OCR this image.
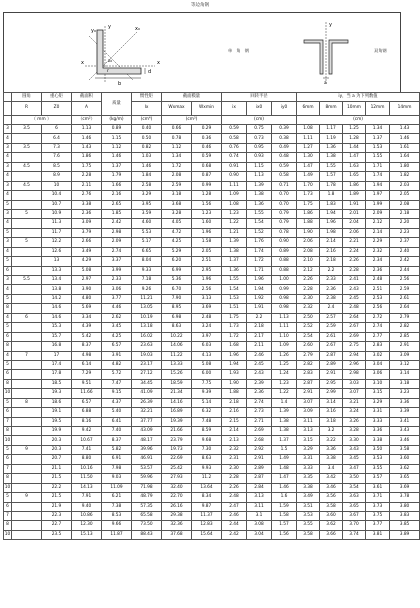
等边角钢
y₀
y
x	x
x₀
z₀
b
d
r
单　角　钢
y
a
双角钢
	圆角	重心矩	截面积	质量	惯性矩	截面模量		回转半径			iy，当 a 为下列数值				
	R	Z0	A		Ix	Wxmax	Wxmin	ix	ix0	iy0	6mm	8mm	10mm	12mm	14mm
	（ mm ）		（cm²）	(kg/m)	(cm⁴)	(cm³)		(cm)			(cm)				
3	3.5	6	1.13	0.89	0.40	0.66	0.29	0.59	0.75	0.39	1.08	1.17	1.25	1.34	1.43
4		6.4	1.46	1.15	0.50	0.78	0.36	0.58	0.73	0.38	1.11	1.19	1.28	1.37	1.46
3	3.5	7.3	1.43	1.12	0.82	1.12	0.46	0.76	0.95	0.49	1.27	1.36	1.44	1.53	1.61
4		7.6	1.86	1.46	1.03	1.34	0.59	0.74	0.93	0.48	1.30	1.38	1.47	1.55	1.64
3	4.5	8.5	1.75	1.37	1.46	1.72	0.68	0.91	1.15	0.59	1.47	1.55	1.63	1.71	1.80
4		8.9	2.28	1.79	1.84	2.08	0.87	0.90	1.13	0.58	1.49	1.57	1.65	1.74	1.82
3	4.5	10	2.11	1.66	2.58	2.59	0.99	1.11	1.39	0.71	1.70	1.78	1.86	1.94	2.03
4		10.4	2.76	2.16	3.29	3.18	1.28	1.09	1.38	0.70	1.73	1.8	1.89	1.97	2.05
5		10.7	3.38	2.65	3.95	3.68	1.56	1.08	1.36	0.70	1.75	1.83	1.91	1.99	2.08
3	5	10.9	2.36	1.85	3.59	3.28	1.23	1.23	1.55	0.79	1.86	1.94	2.01	2.09	2.18
4		11.3	3.09	2.42	4.60	4.05	1.60	1.22	1.54	0.79	1.88	1.96	2.04	2.12	2.20
5		11.7	3.79	2.98	5.53	4.72	1.96	1.21	1.52	0.78	1.90	1.98	2.06	2.14	2.23
3	5	12.2	2.66	2.09	5.17	4.25	1.58	1.39	1.76	0.90	2.06	2.14	2.21	2.29	2.37
4		12.6	3.49	2.74	6.65	5.29	2.05	1.38	1.74	0.89	2.08	2.16	2.24	2.32	2.40
5		13	4.29	3.37	8.04	6.20	2.51	1.37	1.72	0.88	2.10	2.18	2.26	2.34	2.42
6		13.3	5.08	3.99	9.33	6.99	2.95	1.36	1.71	0.88	2.12	2.2	2.28	2.36	2.44
3	5.5	13.4	2.97	2.33	7.18	5.36	1.96	1.55	1.96	1.00	2.26	2.33	2.41	2.48	2.56
4		13.8	3.90	3.06	9.26	6.70	2.56	1.54	1.94	0.99	2.28	2.36	2.43	2.51	2.59
5		14.2	4.80	3.77	11.21	7.90	3.13	1.53	1.92	0.98	2.30	2.38	2.45	2.53	2.61
8		14.6	5.69	4.46	13.05	8.95	3.69	1.51	1.91	0.98	2.32	2.4	2.48	2.56	2.64
4	6	14.6	3.34	2.62	10.19	6.98	2.48	1.75	2.2	1.13	2.50	2.57	2.64	2.72	2.79
5		15.3	4.39	3.45	13.18	8.63	3.24	1.73	2.18	1.11	2.52	2.59	2.67	2.74	2.82
6		15.7	5.42	4.25	16.02	10.22	3.97	1.72	2.17	1.10	2.54	2.61	2.69	2.77	2.85
8		16.8	8.37	6.57	23.63	14.06	6.03	1.68	2.11	1.09	2.60	2.67	2.75	2.83	2.91
4	7	17	4.98	3.91	19.03	11.22	4.13	1.96	2.46	1.26	2.79	2.87	2.94	3.02	3.09
5		17.4	6.14	4.82	23.17	13.33	5.08	1.94	2.45	1.25	2.82	2.89	2.96	3.04	3.12
6		17.8	7.29	5.72	27.12	15.26	6.00	1.93	2.43	1.24	2.83	2.91	2.98	3.06	3.14
8		18.5	9.51	7.47	34.45	18.59	7.75	1.90	2.39	1.23	2.87	2.95	3.03	3.10	3.18
10		19.3	11.66	9.15	41.09	21.34	9.39	1.88	2.36	1.22	2.91	2.99	3.07	3.15	3.23
5	8	18.6	6.57	4.37	26.39	14.16	5.14	2.18	2.74	1.4	3.07	3.14	3.21	3.29	3.36
6		19.1	6.88	5.40	32.21	16.89	6.32	2.16	2.73	1.39	3.09	3.16	3.24	3.31	3.39
7		19.5	8.16	6.41	37.77	19.39	7.48	2.15	2.71	1.38	3.11	3.18	3.26	3.33	3.41
8		19.9	9.42	7.40	43.09	21.66	8.59	2.14	2.69	1.38	3.13	3.2	3.28	3.36	3.43
10		20.3	10.67	8.37	48.17	23.79	9.68	2.13	2.68	1.37	3.15	3.22	3.30	3.38	3.46
5	9	20.3	7.41	5.82	39.96	19.73	7.30	2.32	2.92	1.5	3.29	3.36	3.43	3.50	3.58
6		20.7	8.80	6.91	46.91	22.69	8.63	2.31	2.91	1.49	3.31	3.38	3.45	3.53	3.60
7		21.1	10.16	7.98	53.57	25.42	9.93	2.30	2.89	1.48	3.33	3.4	3.47	3.55	3.62
8		21.5	11.50	9.03	59.96	27.93	11.2	2.28	2.87	1.47	3.35	3.42	3.50	3.57	3.65
10		22.2	14.13	11.09	71.98	32.40	13.64	2.26	2.84	1.46	3.38	3.46	3.54	3.61	3.69
5	9	21.5	7.91	6.21	48.79	22.70	8.34	2.48	3.13	1.6	3.49	3.56	3.63	3.71	3.78
6		21.9	9.40	7.38	57.35	26.16	9.87	2.47	3.11	1.59	3.51	3.58	3.65	3.73	3.80
7		22.3	10.86	8.53	65.58	29.38	11.37	2.46	3.1	1.58	3.53	3.60	3.67	3.75	3.83
8		22.7	12.30	9.66	73.50	32.36	12.83	2.44	3.08	1.57	3.55	3.62	3.70	3.77	3.85
10		23.5	15.13	11.87	88.43	37.68	15.64	2.42	3.04	1.56	3.58	3.66	3.74	3.81	3.89
